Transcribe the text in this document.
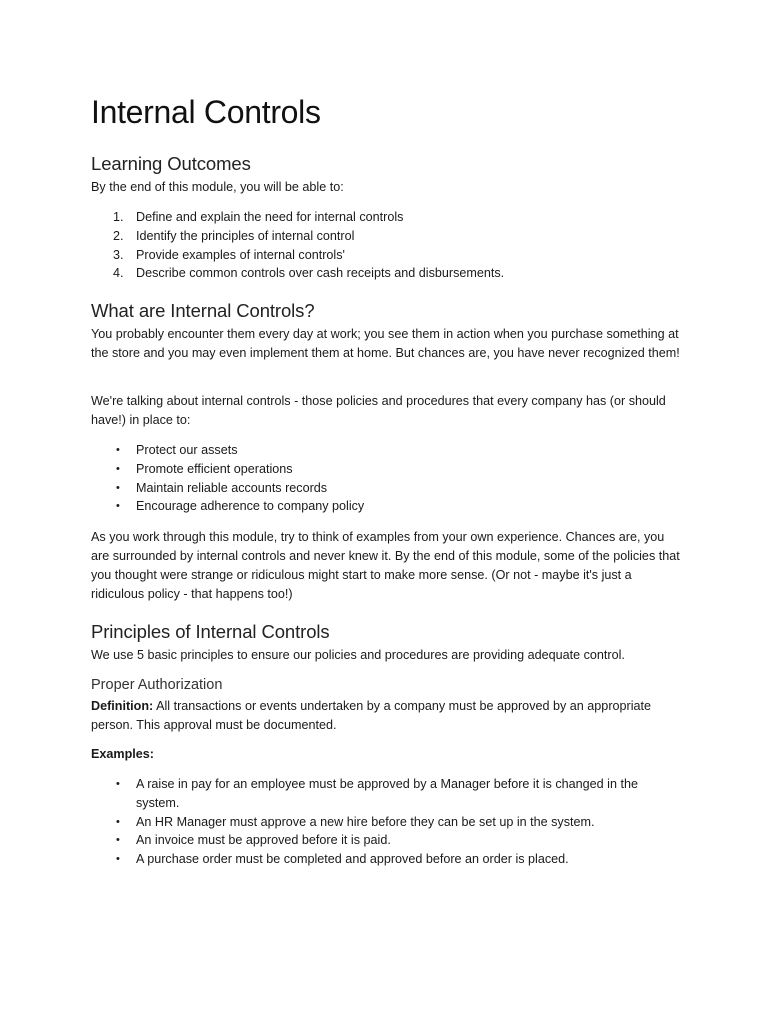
Internal Controls
Learning Outcomes
By the end of this module, you will be able to:
1. Define and explain the need for internal controls
2. Identify the principles of internal control
3. Provide examples of internal controls'
4. Describe common controls over cash receipts and disbursements.
What are Internal Controls?
You probably encounter them every day at work; you see them in action when you purchase something at the store and you may even implement them at home. But chances are, you have never recognized them!
We're talking about internal controls - those policies and procedures that every company has (or should have!) in place to:
•	Protect our assets
•	Promote efficient operations
•	Maintain reliable accounts records
•	Encourage adherence to company policy
As you work through this module, try to think of examples from your own experience. Chances are, you are surrounded by internal controls and never knew it. By the end of this module, some of the policies that you thought were strange or ridiculous might start to make more sense. (Or not - maybe it's just a ridiculous policy - that happens too!)
Principles of Internal Controls
We use 5 basic principles to ensure our policies and procedures are providing adequate control.
Proper Authorization
Definition: All transactions or events undertaken by a company must be approved by an appropriate person. This approval must be documented.
Examples:
•	A raise in pay for an employee must be approved by a Manager before it is changed in the system.
•	An HR Manager must approve a new hire before they can be set up in the system.
•	An invoice must be approved before it is paid.
•	A purchase order must be completed and approved before an order is placed.
